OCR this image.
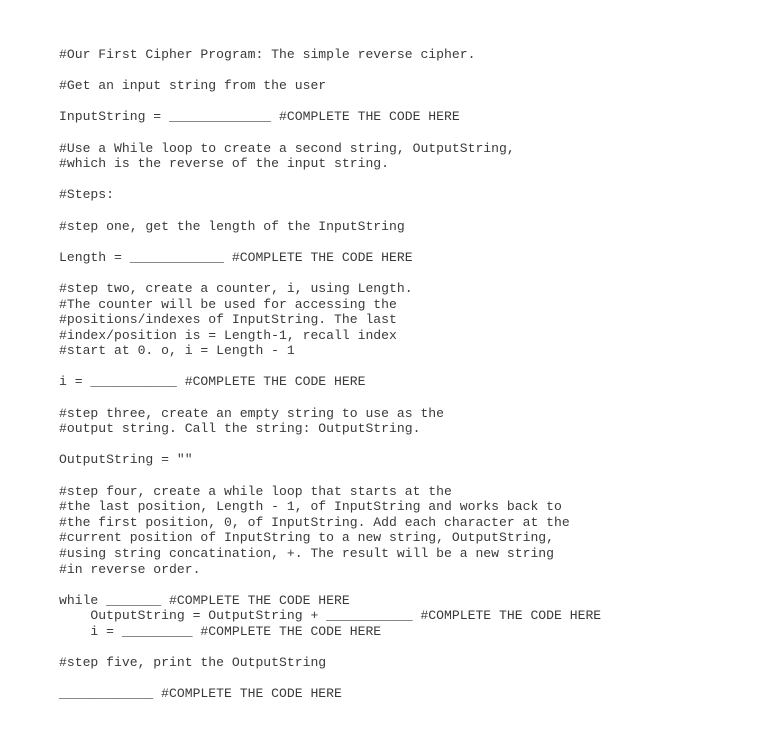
#Our First Cipher Program: The simple reverse cipher.
#Get an input string from the user
InputString = _____________ #COMPLETE THE CODE HERE
#Use a While loop to create a second string, OutputString,
#which is the reverse of the input string.
#Steps:
#step one, get the length of the InputString
Length = ____________ #COMPLETE THE CODE HERE
#step two, create a counter, i, using Length.
#The counter will be used for accessing the
#positions/indexes of InputString. The last
#index/position is = Length-1, recall index
#start at 0. o, i = Length - 1
i = ___________ #COMPLETE THE CODE HERE
#step three, create an empty string to use as the
#output string. Call the string: OutputString.
OutputString = ""
#step four, create a while loop that starts at the
#the last position, Length - 1, of InputString and works back to
#the first position, 0, of InputString. Add each character at the
#current position of InputString to a new string, OutputString,
#using string concatination, +. The result will be a new string
#in reverse order.
while _______ #COMPLETE THE CODE HERE
OutputString = OutputString + ___________ #COMPLETE THE CODE HERE
i = _________ #COMPLETE THE CODE HERE
#step five, print the OutputString
____________ #COMPLETE THE CODE HERE
